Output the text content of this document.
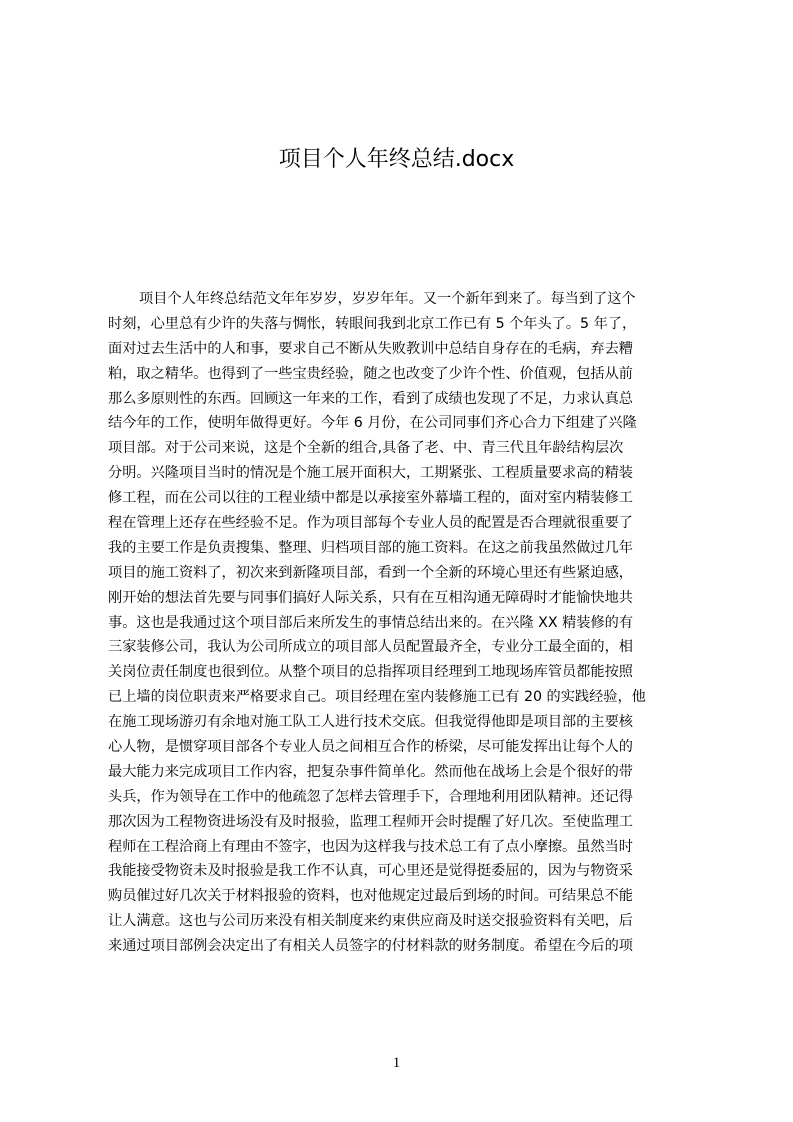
项目个人年终总结.docx
项目个人年终总结范文年年岁岁，岁岁年年。又一个新年到来了。每当到了这个
时刻，心里总有少许的失落与惆怅，转眼间我到北京工作已有 5 个年头了。5 年了，
面对过去生活中的人和事，要求自己不断从失败教训中总结自身存在的毛病，弃去糟
粕，取之精华。也得到了一些宝贵经验，随之也改变了少许个性、价值观，包括从前
那么多原则性的东西。回顾这一年来的工作，看到了成绩也发现了不足，力求认真总
结今年的工作，使明年做得更好。今年 6 月份，在公司同事们齐心合力下组建了兴隆
项目部。对于公司来说，这是个全新的组合,具备了老、中、青三代且年龄结构层次
分明。兴隆项目当时的情况是个施工展开面积大，工期紧张、工程质量要求高的精装
修工程，而在公司以往的工程业绩中都是以承接室外幕墙工程的，面对室内精装修工
程在管理上还存在些经验不足。作为项目部每个专业人员的配置是否合理就很重要了
我的主要工作是负责搜集、整理、归档项目部的施工资料。在这之前我虽然做过几年
项目的施工资料了，初次来到新隆项目部，看到一个全新的环境心里还有些紧迫感，
刚开始的想法首先要与同事们搞好人际关系，只有在互相沟通无障碍时才能愉快地共
事。这也是我通过这个项目部后来所发生的事情总结出来的。在兴隆 XX 精装修的有
三家装修公司，我认为公司所成立的项目部人员配置最齐全，专业分工最全面的，相
关岗位责任制度也很到位。从整个项目的总指挥项目经理到工地现场库管员都能按照
已上墙的岗位职责来严格要求自己。项目经理在室内装修施工已有 20 的实践经验，他
在施工现场游刃有余地对施工队工人进行技术交底。但我觉得他即是项目部的主要核
心人物，是惯穿项目部各个专业人员之间相互合作的桥梁，尽可能发挥出让每个人的
最大能力来完成项目工作内容，把复杂事件简单化。然而他在战场上会是个很好的带
头兵，作为领导在工作中的他疏忽了怎样去管理手下，合理地利用团队精神。还记得
那次因为工程物资进场没有及时报验，监理工程师开会时提醒了好几次。至使监理工
程师在工程洽商上有理由不签字，也因为这样我与技术总工有了点小摩擦。虽然当时
我能接受物资未及时报验是我工作不认真，可心里还是觉得挺委屈的，因为与物资采
购员催过好几次关于材料报验的资料，也对他规定过最后到场的时间。可结果总不能
让人满意。这也与公司历来没有相关制度来约束供应商及时送交报验资料有关吧，后
来通过项目部例会决定出了有相关人员签字的付材料款的财务制度。希望在今后的项
1
